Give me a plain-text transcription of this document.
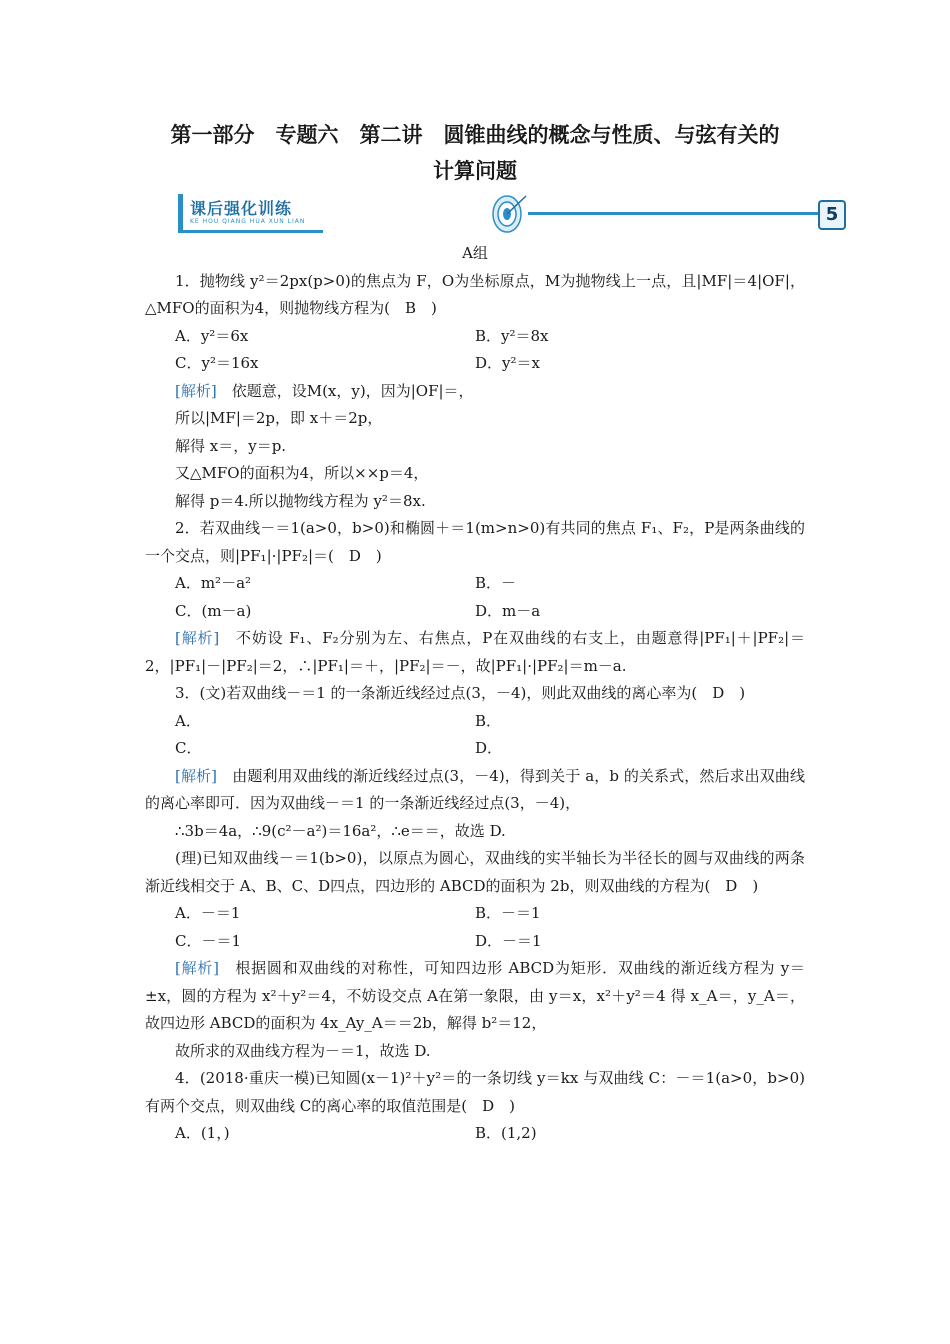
第一部分　专题六　第二讲　圆锥曲线的概念与性质、与弦有关的
计算问题
课后强化训练
KE HOU QIANG HUA XUN LIAN	5
A组
1．抛物线 y²＝2px(p>0)的焦点为 F，O为坐标原点，M为抛物线上一点，且|MF|＝4|OF|，△MFO的面积为4，则抛物线方程为(　B　)
A．y²＝6x	B．y²＝8x
C．y²＝16x	D．y²＝x
[解析]　依题意，设M(x，y)，因为|OF|＝，
所以|MF|＝2p，即 x＋＝2p，
解得 x＝，y＝p.
又△MFO的面积为4，所以××p＝4，
解得 p＝4.所以抛物线方程为 y²＝8x.
2．若双曲线－＝1(a>0，b>0)和椭圆＋＝1(m>n>0)有共同的焦点 F₁、F₂，P是两条曲线的一个交点，则|PF₁|·|PF₂|＝(　D　)
A．m²－a²	B．－
C．(m－a)	D．m－a
[解析]　不妨设 F₁、F₂分别为左、右焦点，P在双曲线的右支上，由题意得|PF₁|＋|PF₂|＝2，|PF₁|－|PF₂|＝2，∴|PF₁|＝＋，|PF₂|＝－，故|PF₁|·|PF₂|＝m－a.
3．(文)若双曲线－＝1 的一条渐近线经过点(3，－4)，则此双曲线的离心率为(　D　)
A．	B．
C．	D．
[解析]　由题利用双曲线的渐近线经过点(3，－4)，得到关于 a，b 的关系式，然后求出双曲线的离心率即可．因为双曲线－＝1 的一条渐近线经过点(3，－4)，
∴3b＝4a，∴9(c²－a²)＝16a²，∴e＝＝，故选 D.
(理)已知双曲线－＝1(b>0)，以原点为圆心，双曲线的实半轴长为半径长的圆与双曲线的两条渐近线相交于 A、B、C、D四点，四边形的 ABCD的面积为 2b，则双曲线的方程为(　D　)
A．－＝1	B．－＝1
C．－＝1	D．－＝1
[解析]　根据圆和双曲线的对称性，可知四边形 ABCD为矩形．双曲线的渐近线方程为 y＝±x，圆的方程为 x²＋y²＝4，不妨设交点 A在第一象限，由 y＝x，x²＋y²＝4 得 x_A＝，y_A＝，故四边形 ABCD的面积为 4x_Ay_A＝＝2b，解得 b²＝12，
故所求的双曲线方程为－＝1，故选 D.
4．(2018·重庆一模)已知圆(x－1)²＋y²＝的一条切线 y＝kx 与双曲线 C：－＝1(a>0，b>0)有两个交点，则双曲线 C的离心率的取值范围是(　D　)
A．(1，)	B．(1,2)
